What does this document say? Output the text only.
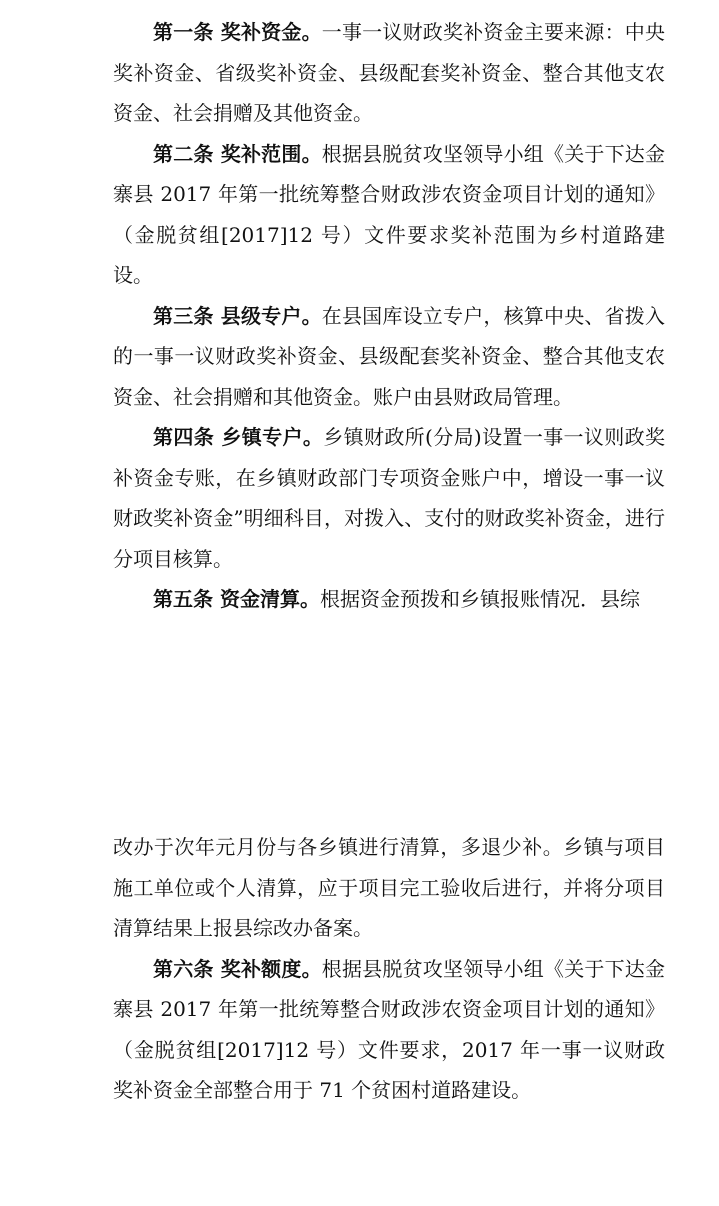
第一条 奖补资金。一事一议财政奖补资金主要来源：中央奖补资金、省级奖补资金、县级配套奖补资金、整合其他支农资金、社会捐赠及其他资金。

第二条 奖补范围。根据县脱贫攻坚领导小组《关于下达金寨县 2017 年第一批统筹整合财政涉农资金项目计划的通知》（金脱贫组[2017]12 号）文件要求奖补范围为乡村道路建设。

第三条 县级专户。在县国库设立专户，核算中央、省拨入的一事一议财政奖补资金、县级配套奖补资金、整合其他支农资金、社会捐赠和其他资金。账户由县财政局管理。

第四条 乡镇专户。乡镇财政所(分局)设置一事一议则政奖补资金专账，在乡镇财政部门专项资金账户中，增设一事一议财政奖补资金”明细科目，对拨入、支付的财政奖补资金，进行分项目核算。

第五条 资金清算。根据资金预拨和乡镇报账情况．县综

改办于次年元月份与各乡镇进行清算，多退少补。乡镇与项目施工单位或个人清算，应于项目完工验收后进行，并将分项目清算结果上报县综改办备案。

第六条 奖补额度。根据县脱贫攻坚领导小组《关于下达金寨县 2017 年第一批统筹整合财政涉农资金项目计划的通知》（金脱贫组[2017]12 号）文件要求，2017 年一事一议财政奖补资金全部整合用于 71 个贫困村道路建设。
